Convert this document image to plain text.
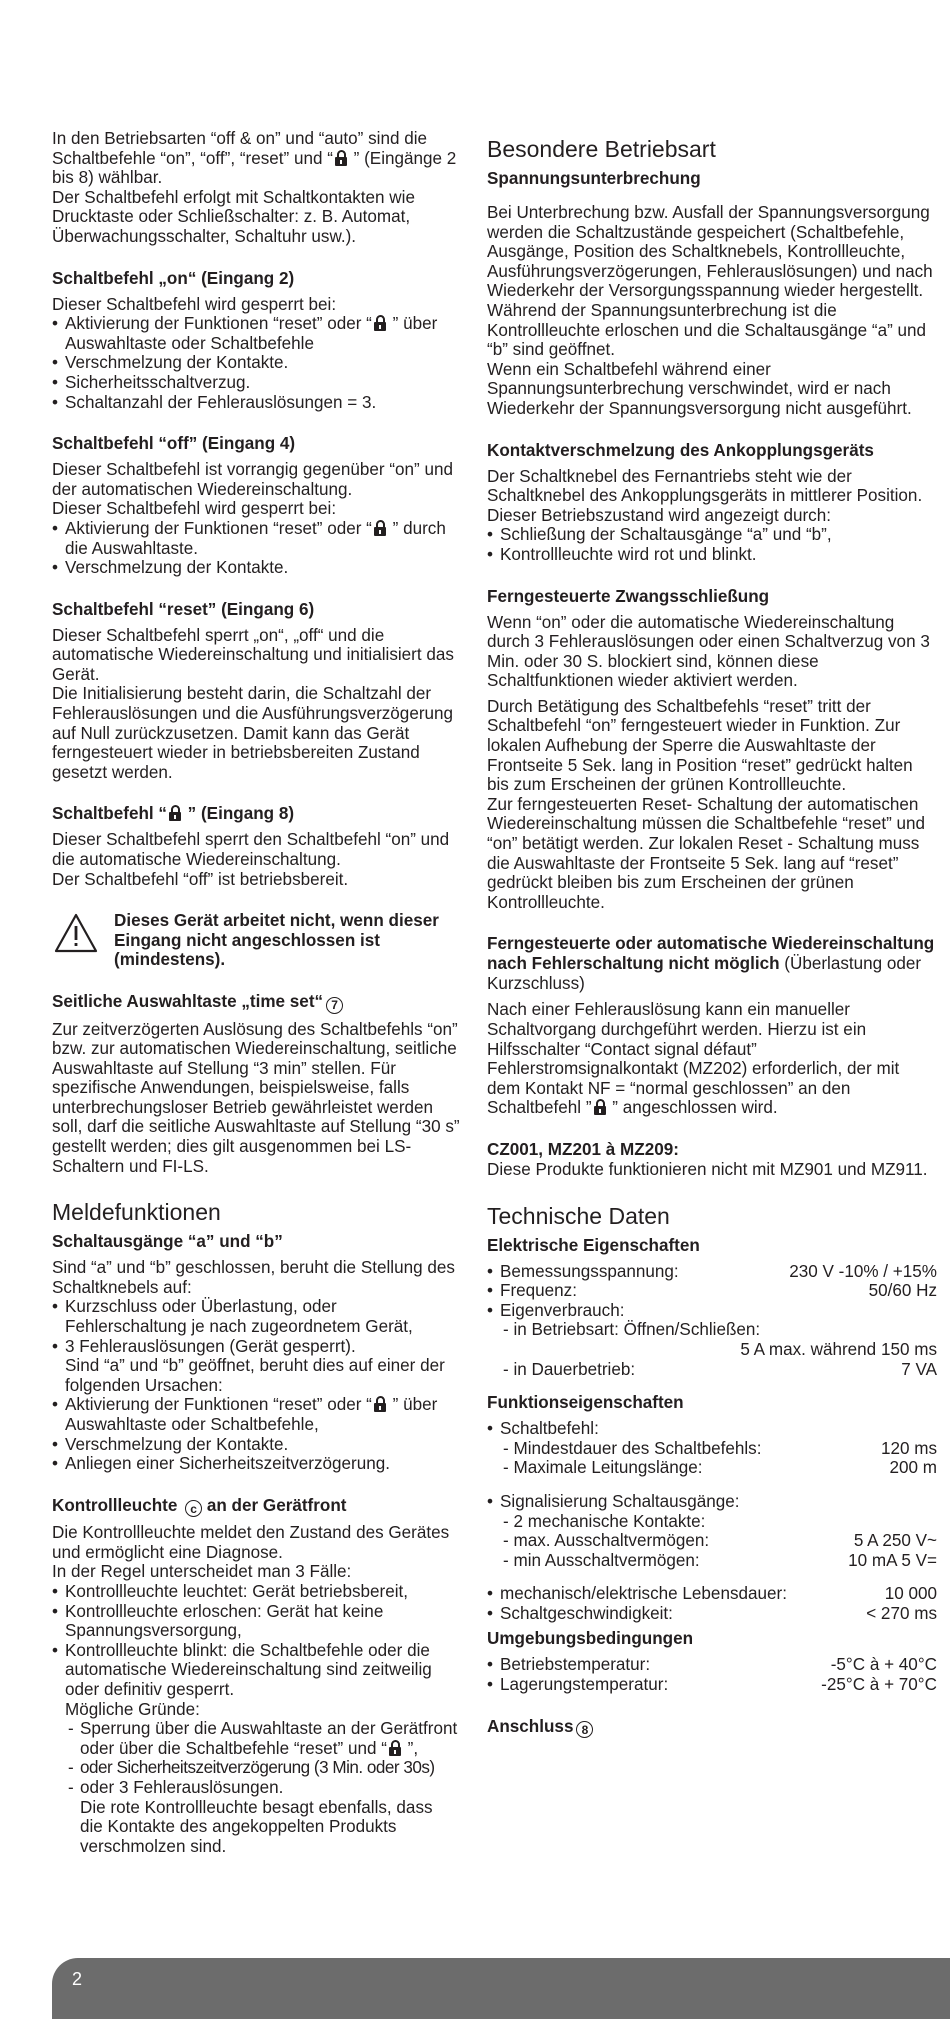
In den Betriebsarten “off & on” und “auto” sind die Schaltbefehle “on”, “off”, “reset” und “
” (Eingänge 2 bis 8) wählbar.

Der Schaltbefehl erfolgt mit Schaltkontakten wie Drucktaste oder Schließschalter: z. B. Automat, Überwachungsschalter, Schaltuhr usw.).

Schaltbefehl „on“ (Eingang 2)

Dieser Schaltbefehl wird gesperrt bei:

• Aktivierung der Funktionen “reset” oder “
” über Auswahltaste oder Schaltbefehle
• Verschmelzung der Kontakte.
• Sicherheitsschaltverzug.
• Schaltanzahl der Fehlerauslösungen = 3.
Schaltbefehl “off” (Eingang 4)

Dieser Schaltbefehl ist vorrangig gegenüber “on” und der automatischen Wiedereinschaltung.

Dieser Schaltbefehl wird gesperrt bei:

• Aktivierung der Funktionen “reset” oder “
” durch die Auswahltaste.
• Verschmelzung der Kontakte.
Schaltbefehl “reset” (Eingang 6)

Dieser Schaltbefehl sperrt „on“, „off“ und die automatische Wiedereinschaltung und initialisiert das Gerät.

Die Initialisierung besteht darin, die Schaltzahl der Fehlerauslösungen und die Ausführungsverzögerung auf Null zurückzusetzen. Damit kann das Gerät ferngesteuert wieder in betriebsbereiten Zustand gesetzt werden.

Schaltbefehl “
” (Eingang 8)

Dieser Schaltbefehl sperrt den Schaltbefehl “on” und die automatische Wiedereinschaltung.

Der Schaltbefehl “off” ist betriebsbereit.

Dieses Gerät arbeitet nicht, wenn dieser Eingang nicht angeschlossen ist (mindestens).
Seitliche Auswahltaste „time set“ 7

Zur zeitverzögerten Auslösung des Schaltbefehls “on” bzw. zur automatischen Wiedereinschaltung, seitliche Auswahltaste auf Stellung “3 min” stellen. Für spezifische Anwendungen, beispielsweise, falls unterbrechungsloser Betrieb gewährleistet werden soll, darf die seitliche Auswahltaste auf Stellung “30 s” gestellt werden; dies gilt ausgenommen bei LS-Schaltern und FI-LS.

Meldefunktionen
Schaltausgänge “a” und “b”

Sind “a” und “b” geschlossen, beruht die Stellung des Schaltknebels auf:

• Kurzschluss oder Überlastung, oder Fehlerschaltung je nach zugeordnetem Gerät,
• 3 Fehlerauslösungen (Gerät gesperrt).
Sind “a” und “b” geöffnet, beruht dies auf einer der folgenden Ursachen:
• Aktivierung der Funktionen “reset” oder “
” über Auswahltaste oder Schaltbefehle,
• Verschmelzung der Kontakte.
• Anliegen einer Sicherheitszeitverzögerung.
Kontrollleuchte c an der Gerätfront

Die Kontrollleuchte meldet den Zustand des Gerätes und ermöglicht eine Diagnose.

In der Regel unterscheidet man 3 Fälle:

• Kontrollleuchte leuchtet: Gerät betriebsbereit,
• Kontrollleuchte erloschen: Gerät hat keine Spannungsversorgung,
• Kontrollleuchte blinkt: die Schaltbefehle oder die automatische Wiedereinschaltung sind zeitweilig oder definitiv gesperrt.
Mögliche Gründe:
- Sperrung über die Auswahltaste an der Gerätfront oder über die Schaltbefehle “reset” und “
”,
- oder Sicherheitszeitverzögerung (3 Min. oder 30s)
- oder 3 Fehlerauslösungen.
Die rote Kontrollleuchte besagt ebenfalls, dass die Kontakte des angekoppelten Produkts verschmolzen sind.
Besondere Betriebsart
Spannungsunterbrechung

Bei Unterbrechung bzw. Ausfall der Spannungsversorgung werden die Schaltzustände gespeichert (Schaltbefehle, Ausgänge, Position des Schaltknebels, Kontrollleuchte, Ausführungsverzögerungen, Fehlerauslösungen) und nach Wiederkehr der Versorgungsspannung wieder hergestellt. Während der Spannungsunterbrechung ist die Kontrollleuchte erloschen und die Schaltausgänge “a” und “b” sind geöffnet.

Wenn ein Schaltbefehl während einer Spannungsunterbrechung verschwindet, wird er nach Wiederkehr der Spannungsversorgung nicht ausgeführt.

Kontaktverschmelzung des Ankopplungsgeräts

Der Schaltknebel des Fernantriebs steht wie der Schaltknebel des Ankopplungsgeräts in mittlerer Position.

Dieser Betriebszustand wird angezeigt durch:

• Schließung der Schaltausgänge “a” und “b”,
• Kontrollleuchte wird rot und blinkt.
Ferngesteuerte Zwangsschließung

Wenn “on” oder die automatische Wiedereinschaltung durch 3 Fehlerauslösungen oder einen Schaltverzug von 3 Min. oder 30 S. blockiert sind, können diese Schaltfunktionen wieder aktiviert werden.

Durch Betätigung des Schaltbefehls “reset” tritt der Schaltbefehl “on” ferngesteuert wieder in Funktion. Zur lokalen Aufhebung der Sperre die Auswahltaste der Frontseite 5 Sek. lang in Position “reset” gedrückt halten bis zum Erscheinen der grünen Kontrollleuchte.

Zur ferngesteuerten Reset- Schaltung der automatischen Wiedereinschaltung müssen die Schaltbefehle “reset” und “on” betätigt werden. Zur lokalen Reset - Schaltung muss die Auswahltaste der Frontseite 5 Sek. lang auf “reset” gedrückt bleiben bis zum Erscheinen der grünen Kontrollleuchte.

Ferngesteuerte oder automatische Wiedereinschaltung nach Fehlerschaltung nicht möglich (Überlastung oder Kurzschluss)

Nach einer Fehlerauslösung kann ein manueller Schaltvorgang durchgeführt werden. Hierzu ist ein Hilfsschalter “Contact signal défaut” Fehlerstromsignalkontakt (MZ202) erforderlich, der mit dem Kontakt NF = “normal geschlossen” an den Schaltbefehl ”
” angeschlossen wird.

CZ001, MZ201 à MZ209:

Diese Produkte funktionieren nicht mit MZ901 und MZ911.

Technische Daten
Elektrische Eigenschaften
• Bemessungsspannung:	230 V -10% / +15%
• Frequenz:	50/60 Hz
• Eigenverbrauch:
- in Betriebsart: Öffnen/Schließen:
5 A max. während 150 ms
- in Dauerbetrieb:	7 VA
Funktionseigenschaften
• Schaltbefehl:
- Mindestdauer des Schaltbefehls:	120 ms
- Maximale Leitungslänge:	200 m
• Signalisierung Schaltausgänge:
- 2 mechanische Kontakte:
- max. Ausschaltvermögen:	5 A 250 V~
- min Ausschaltvermögen:	10 mA 5 V=
• mechanisch/elektrische Lebensdauer:	10 000
• Schaltgeschwindigkeit:	< 270 ms
Umgebungsbedingungen
• Betriebstemperatur:	-5°C à + 40°C
• Lagerungstemperatur:	-25°C à + 70°C
Anschluss 8
2
